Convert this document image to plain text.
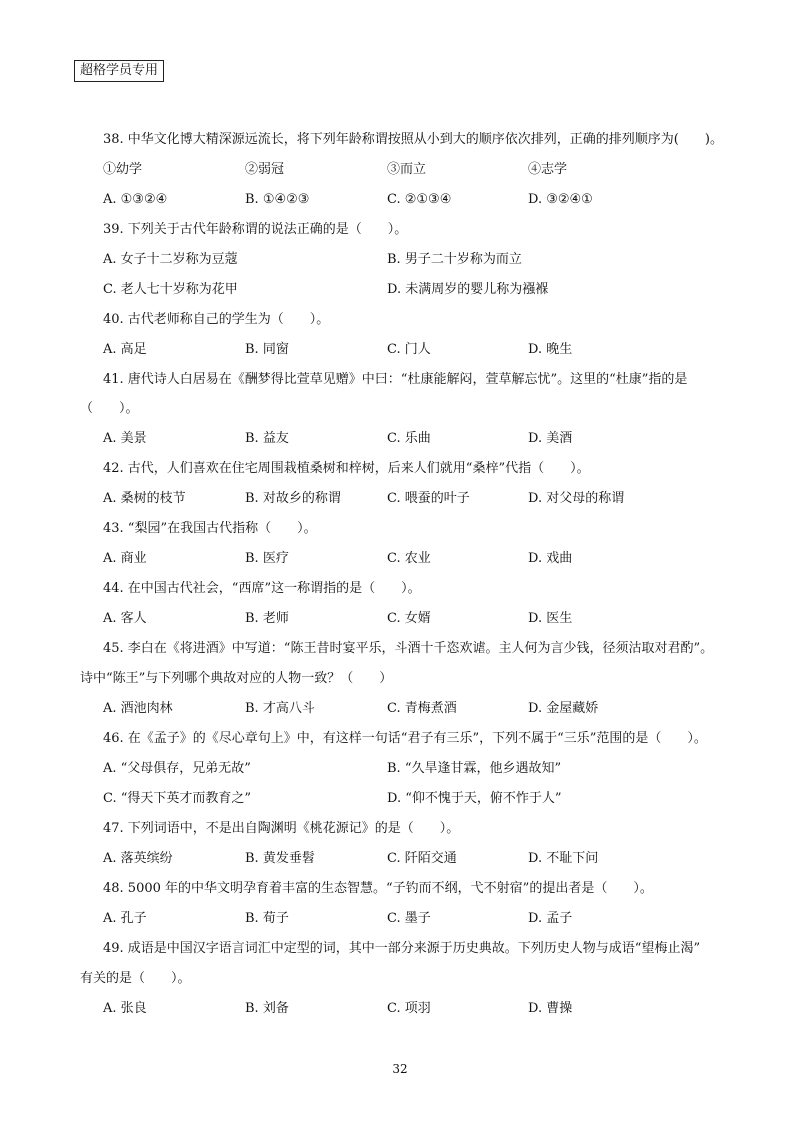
超格学员专用
38. 中华文化博大精深源远流长，将下列年龄称谓按照从小到大的顺序依次排列，正确的排列顺序为(　　)。
①幼学	②弱冠	③而立	④志学
A. ①③②④	B. ①④②③	C. ②①③④	D. ③②④①
39. 下列关于古代年龄称谓的说法正确的是（　　）。
A. 女子十二岁称为豆蔻	B. 男子二十岁称为而立
C. 老人七十岁称为花甲	D. 未满周岁的婴儿称为襁褓
40. 古代老师称自己的学生为（　　）。
A. 高足	B. 同窗	C. 门人	D. 晚生
41. 唐代诗人白居易在《酬梦得比萱草见赠》中曰：“杜康能解闷，萱草解忘忧”。这里的“杜康”指的是
（　　）。
A. 美景	B. 益友	C. 乐曲	D. 美酒
42. 古代，人们喜欢在住宅周围栽植桑树和梓树，后来人们就用“桑梓”代指（　　）。
A. 桑树的枝节	B. 对故乡的称谓	C. 喂蚕的叶子	D. 对父母的称谓
43. “梨园”在我国古代指称（　　）。
A. 商业	B. 医疗	C. 农业	D. 戏曲
44. 在中国古代社会，“西席”这一称谓指的是（　　）。
A. 客人	B. 老师	C. 女婿	D. 医生
45. 李白在《将进酒》中写道：“陈王昔时宴平乐，斗酒十千恣欢谑。主人何为言少钱，径须沽取对君酌”。
诗中“陈王”与下列哪个典故对应的人物一致？（　　）
A. 酒池肉林	B. 才高八斗	C. 青梅煮酒	D. 金屋藏娇
46. 在《孟子》的《尽心章句上》中，有这样一句话“君子有三乐”，下列不属于“三乐”范围的是（　　）。
A. “父母俱存，兄弟无故”	B. “久旱逢甘霖，他乡遇故知”
C. “得天下英才而教育之”	D. “仰不愧于天，俯不怍于人”
47. 下列词语中，不是出自陶渊明《桃花源记》的是（　　）。
A. 落英缤纷	B. 黄发垂髫	C. 阡陌交通	D. 不耻下问
48. 5000 年的中华文明孕育着丰富的生态智慧。“子钓而不纲，弋不射宿”的提出者是（　　）。
A. 孔子	B. 荀子	C. 墨子	D. 孟子
49. 成语是中国汉字语言词汇中定型的词，其中一部分来源于历史典故。下列历史人物与成语“望梅止渴”
有关的是（　　）。
A. 张良	B. 刘备	C. 项羽	D. 曹操
32
